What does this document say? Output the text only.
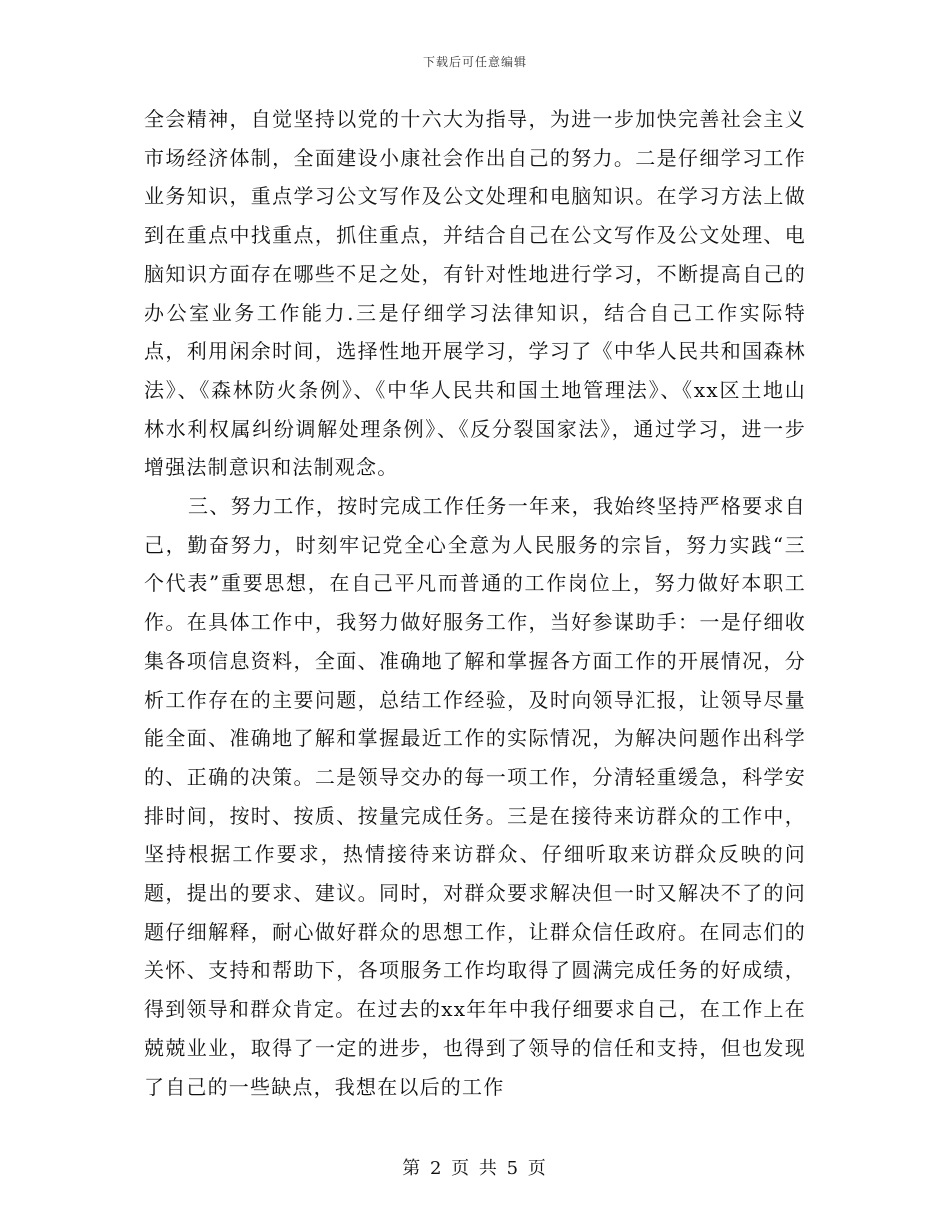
下载后可任意编辑

全会精神，自觉坚持以党的十六大为指导，为进一步加快完善社会主义市场经济体制，全面建设小康社会作出自己的努力。二是仔细学习工作业务知识，重点学习公文写作及公文处理和电脑知识。在学习方法上做到在重点中找重点，抓住重点，并结合自己在公文写作及公文处理、电脑知识方面存在哪些不足之处，有针对性地进行学习，不断提高自己的办公室业务工作能力.三是仔细学习法律知识，结合自己工作实际特点，利用闲余时间，选择性地开展学习，学习了《中华人民共和国森林法》、《森林防火条例》、《中华人民共和国土地管理法》、《xx区土地山林水利权属纠纷调解处理条例》、《反分裂国家法》，通过学习，进一步增强法制意识和法制观念。

三、努力工作，按时完成工作任务一年来，我始终坚持严格要求自己，勤奋努力，时刻牢记党全心全意为人民服务的宗旨，努力实践“三个代表”重要思想，在自己平凡而普通的工作岗位上，努力做好本职工作。在具体工作中，我努力做好服务工作，当好参谋助手：一是仔细收集各项信息资料，全面、准确地了解和掌握各方面工作的开展情况，分析工作存在的主要问题，总结工作经验，及时向领导汇报，让领导尽量能全面、准确地了解和掌握最近工作的实际情况，为解决问题作出科学的、正确的决策。二是领导交办的每一项工作，分清轻重缓急，科学安排时间，按时、按质、按量完成任务。三是在接待来访群众的工作中，坚持根据工作要求，热情接待来访群众、仔细听取来访群众反映的问题，提出的要求、建议。同时，对群众要求解决但一时又解决不了的问题仔细解释，耐心做好群众的思想工作，让群众信任政府。在同志们的关怀、支持和帮助下，各项服务工作均取得了圆满完成任务的好成绩，得到领导和群众肯定。在过去的xx年年中我仔细要求自己，在工作上在兢兢业业，取得了一定的进步，也得到了领导的信任和支持，但也发现了自己的一些缺点，我想在以后的工作

第 2 页 共 5 页
